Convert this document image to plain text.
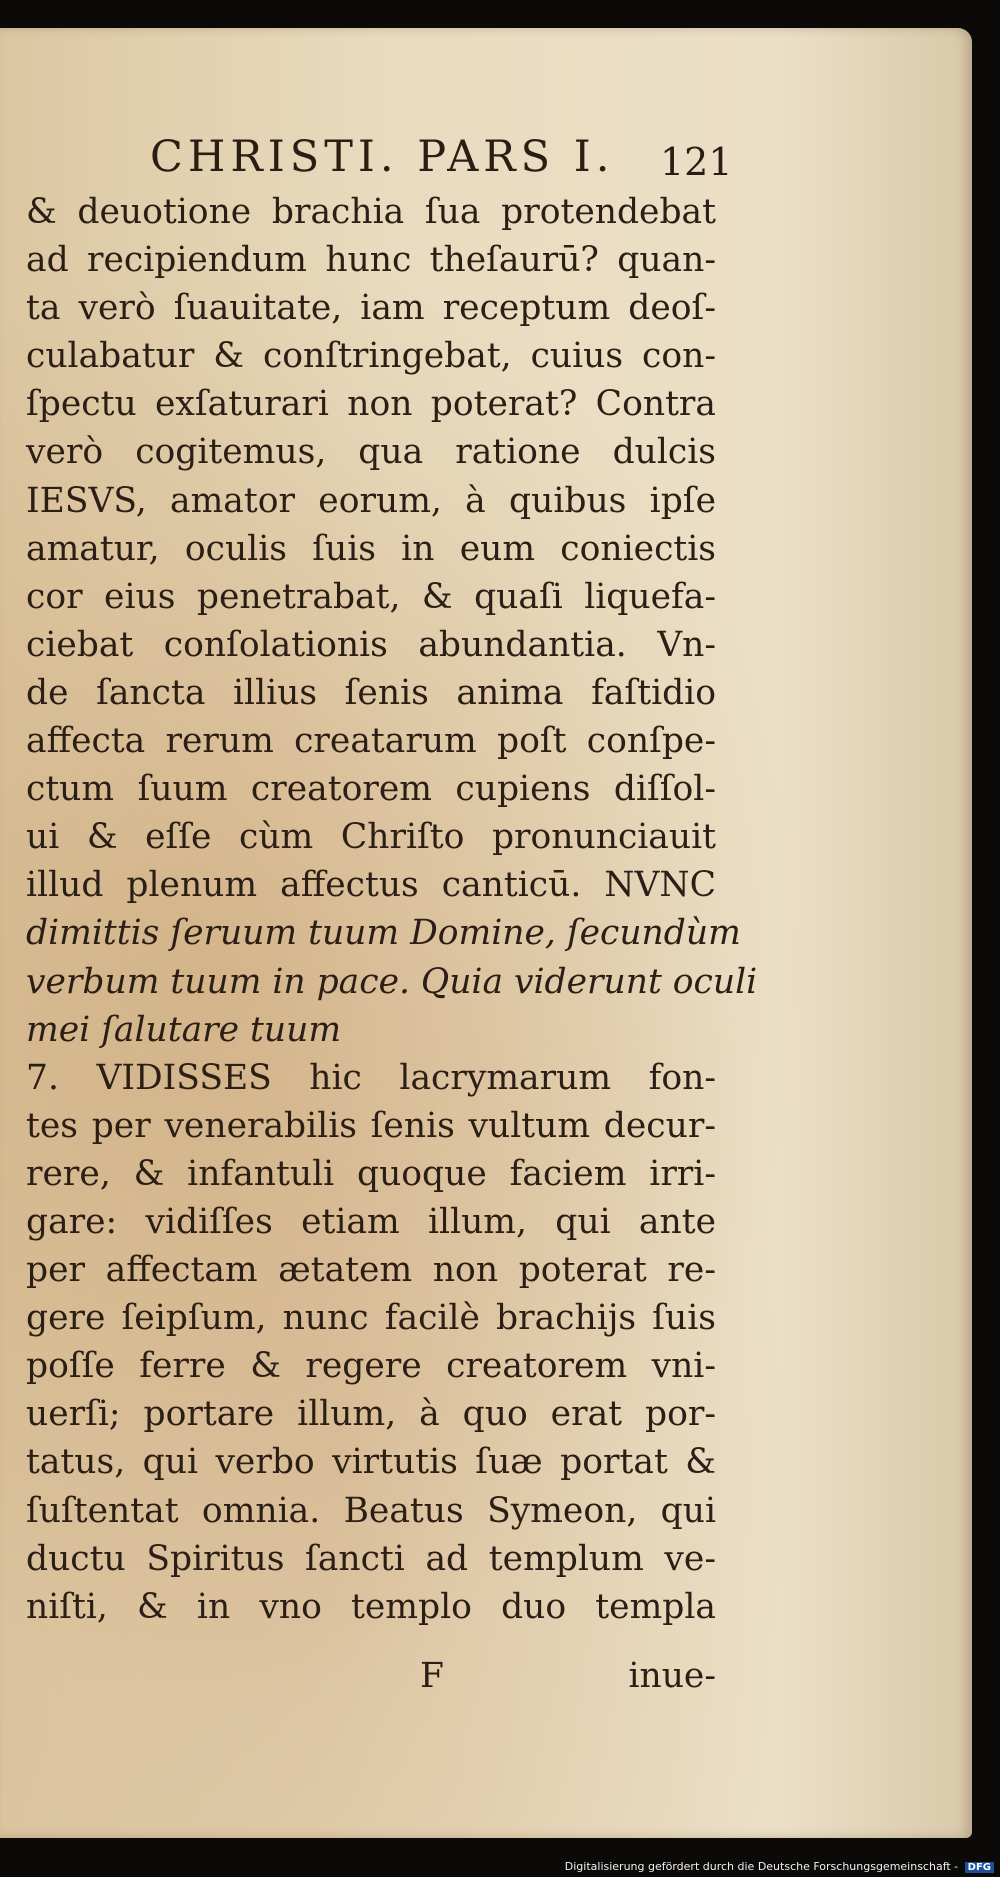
CHRISTI. PARS I.	121
& deuotione brachia ſua protendebat
ad recipiendum hunc theſaurū? quan-
ta verò ſuauitate, iam receptum deoſ-
culabatur & conſtringebat, cuius con-
ſpectu exſaturari non poterat? Contra
verò cogitemus, qua ratione dulcis
IESVS, amator eorum, à quibus ipſe
amatur, oculis ſuis in eum coniectis
cor eius penetrabat, & quaſi liquefa-
ciebat conſolationis abundantia. Vn-
de ſancta illius ſenis anima faſtidio
affecta rerum creatarum poſt conſpe-
ctum ſuum creatorem cupiens diſſol-
ui & eſſe cùm Chriſto pronunciauit
illud plenum affectus canticū. NVNC
dimittis ſeruum tuum Domine, ſecundùm
verbum tuum in pace. Quia viderunt oculi
mei ſalutare tuum
7. VIDISSES hic lacrymarum fon-
tes per venerabilis ſenis vultum decur-
rere, & infantuli quoque faciem irri-
gare: vidiſſes etiam illum, qui ante
per affectam ætatem non poterat re-
gere ſeipſum, nunc facilè brachijs ſuis
poſſe ferre & regere creatorem vni-
uerſi; portare illum, à quo erat por-
tatus, qui verbo virtutis ſuæ portat &
ſuſtentat omnia. Beatus Symeon, qui
ductu Spiritus ſancti ad templum ve-
niſti, & in vno templo duo templa
F	inue-
Digitalisierung gefördert durch die Deutsche Forschungsgemeinschaft - DFG
